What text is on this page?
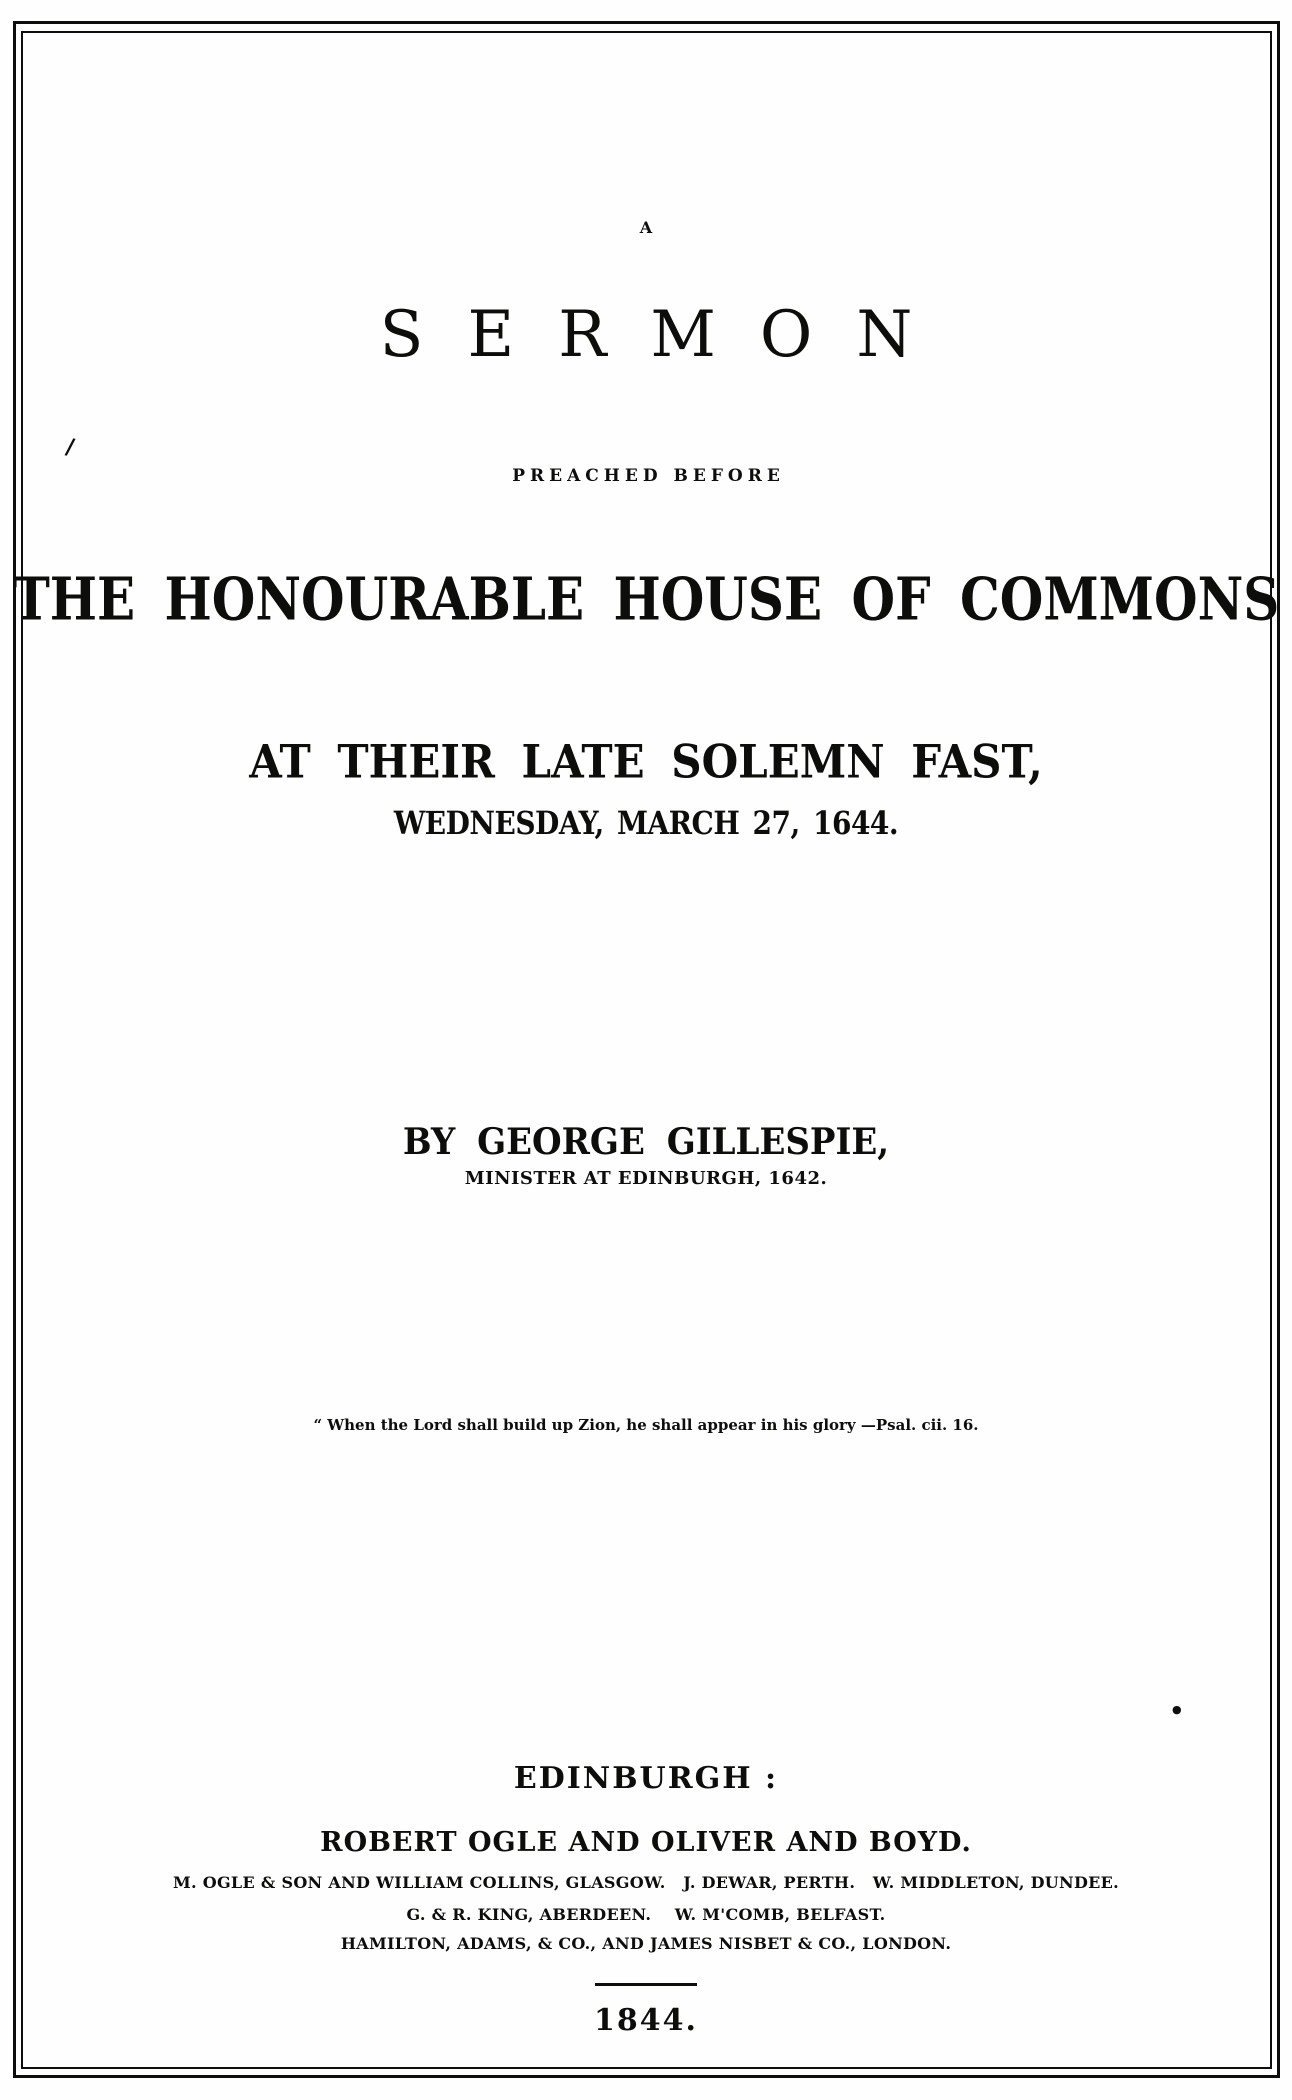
A
SERMON
PREACHED BEFORE
THE HONOURABLE HOUSE OF COMMONS
AT THEIR LATE SOLEMN FAST,
WEDNESDAY, MARCH 27, 1644.
BY GEORGE GILLESPIE,
MINISTER AT EDINBURGH, 1642.
“ When the Lord shall build up Zion, he shall appear in his glory —Psal. cii. 16.
EDINBURGH :
ROBERT OGLE AND OLIVER AND BOYD.
M. OGLE & SON AND WILLIAM COLLINS, GLASGOW.   J. DEWAR, PERTH.   W. MIDDLETON, DUNDEE.
G. & R. KING, ABERDEEN.    W. M'COMB, BELFAST.
HAMILTON, ADAMS, & CO., AND JAMES NISBET & CO., LONDON.
1844.
/
●
